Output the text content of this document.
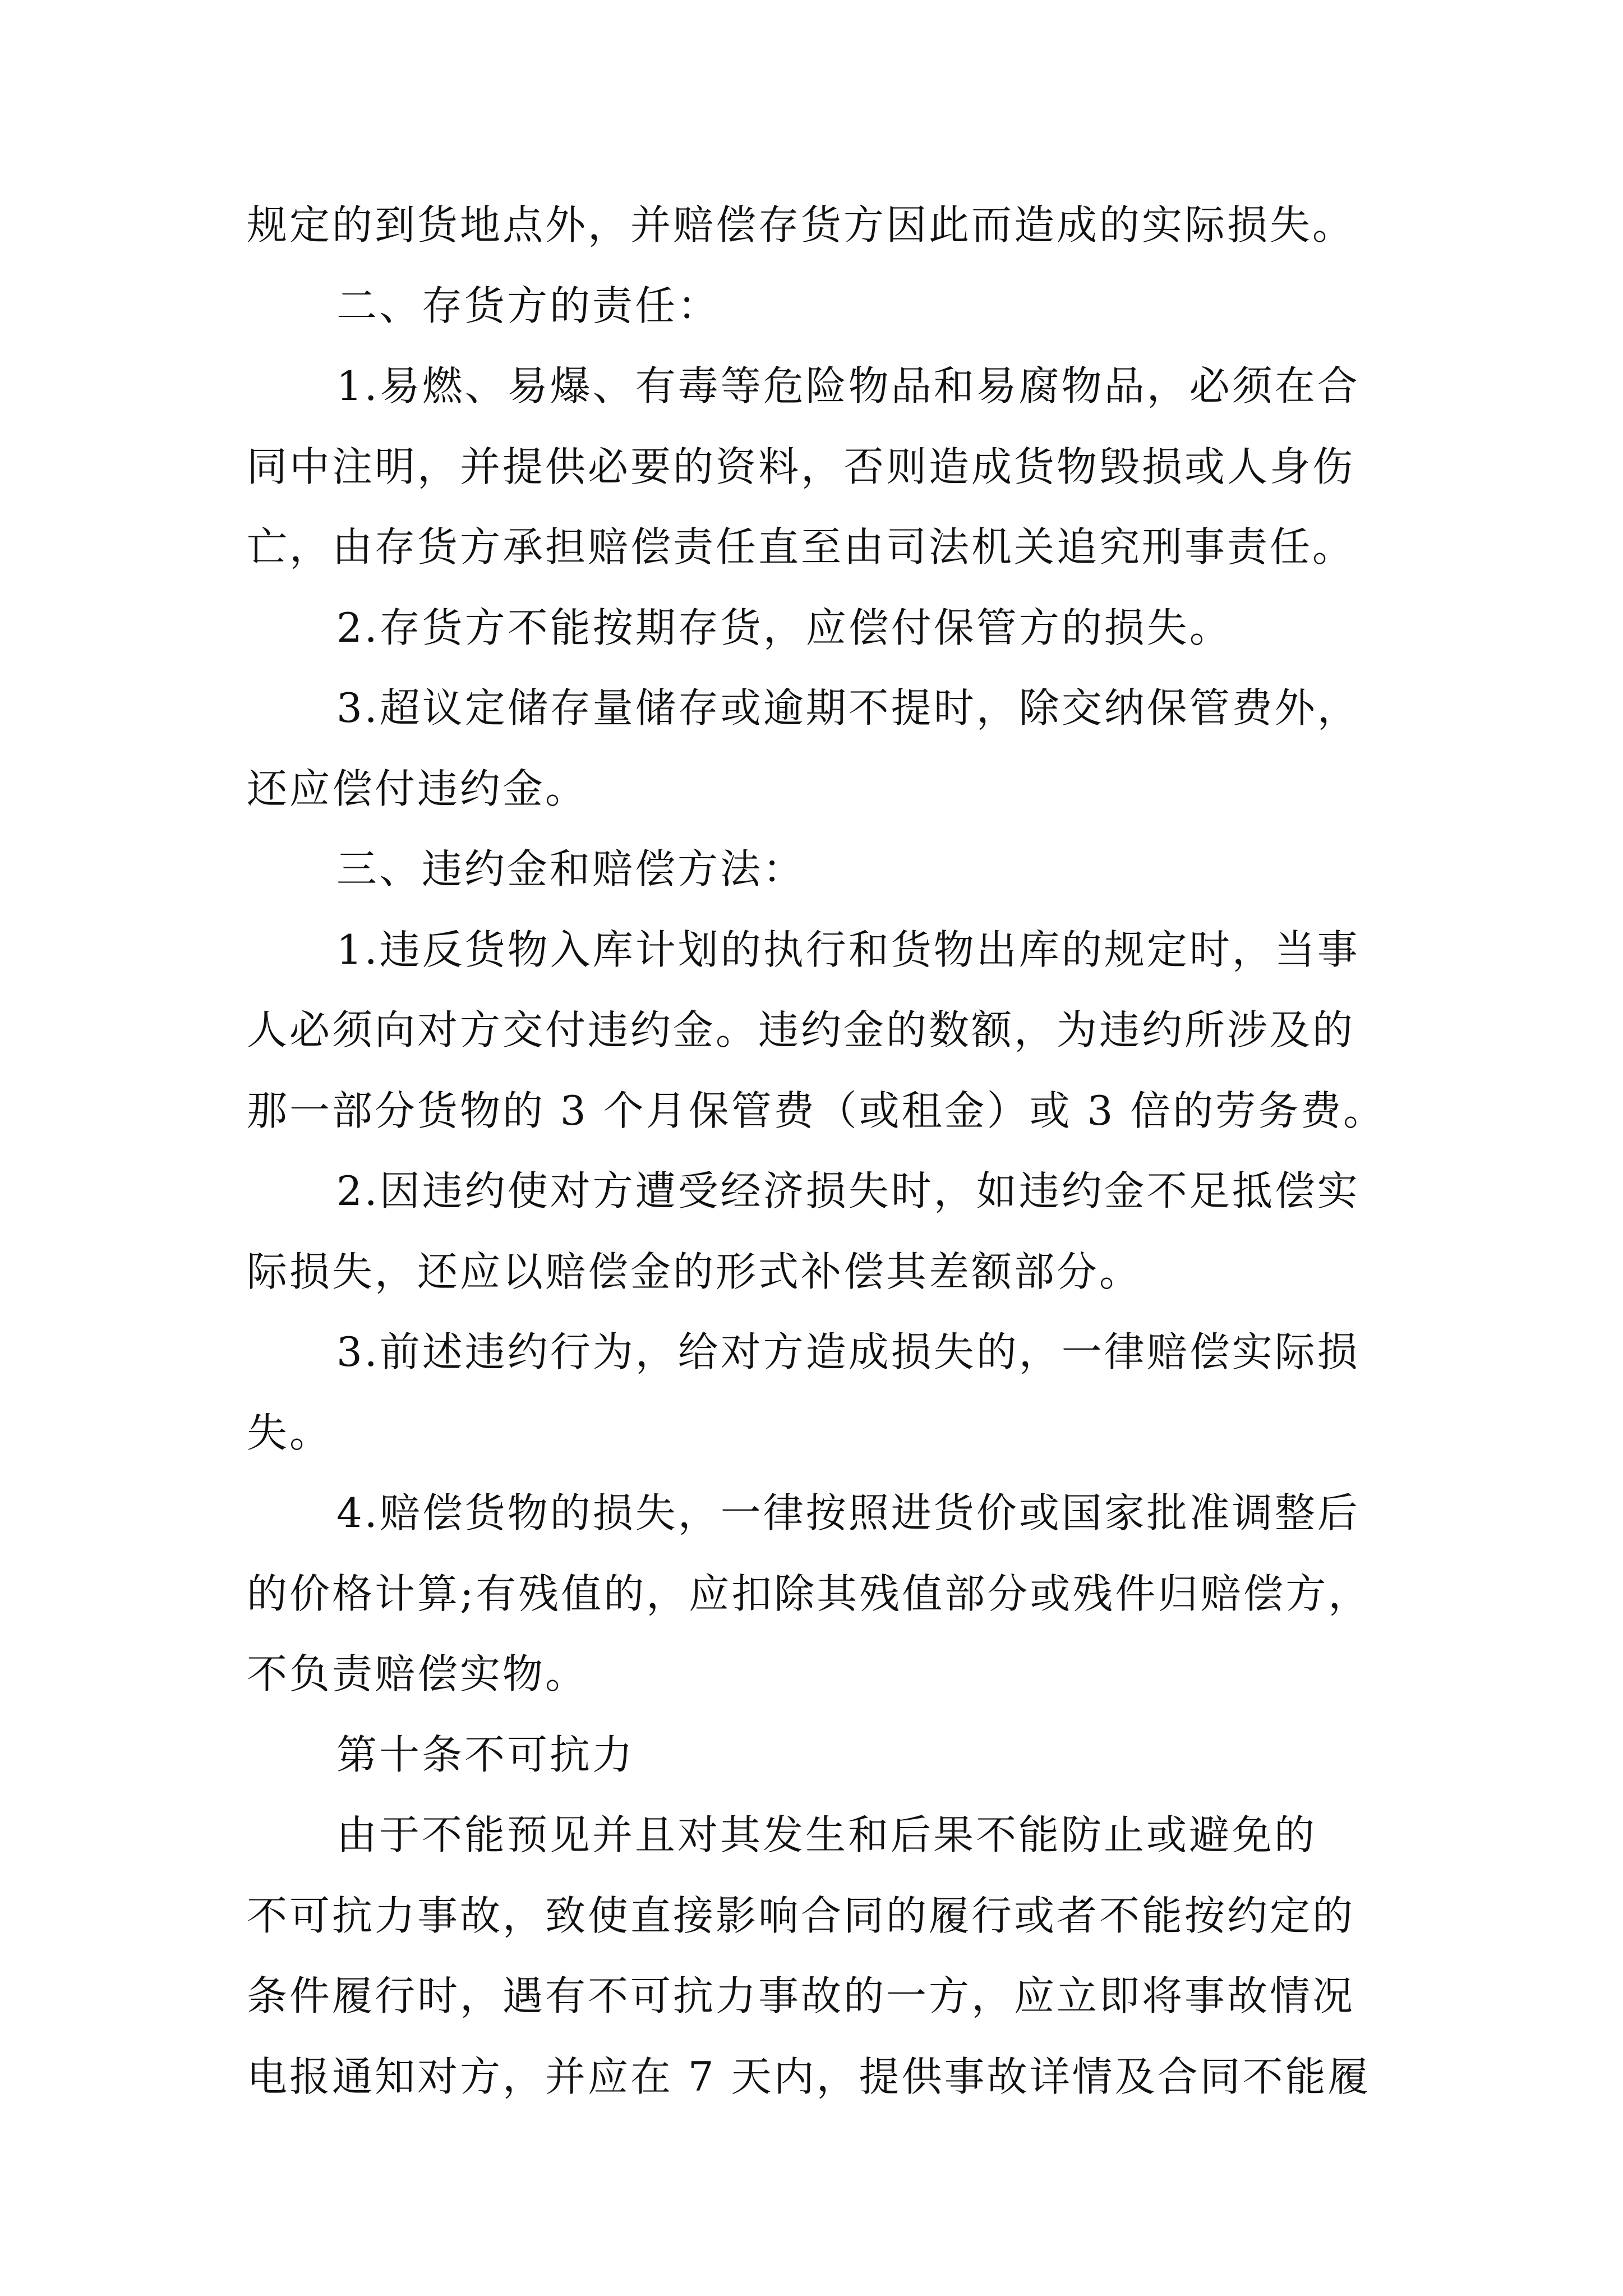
规定的到货地点外，并赔偿存货方因此而造成的实际损失。
二、存货方的责任：
1.易燃、易爆、有毒等危险物品和易腐物品，必须在合
同中注明，并提供必要的资料，否则造成货物毁损或人身伤
亡，由存货方承担赔偿责任直至由司法机关追究刑事责任。
2.存货方不能按期存货，应偿付保管方的损失。
3.超议定储存量储存或逾期不提时，除交纳保管费外，
还应偿付违约金。
三、违约金和赔偿方法：
1.违反货物入库计划的执行和货物出库的规定时，当事
人必须向对方交付违约金。违约金的数额，为违约所涉及的
那一部分货物的 3 个月保管费（或租金）或 3 倍的劳务费。
2.因违约使对方遭受经济损失时，如违约金不足抵偿实
际损失，还应以赔偿金的形式补偿其差额部分。
3.前述违约行为，给对方造成损失的，一律赔偿实际损
失。
4.赔偿货物的损失，一律按照进货价或国家批准调整后
的价格计算;有残值的，应扣除其残值部分或残件归赔偿方，
不负责赔偿实物。
第十条不可抗力
由于不能预见并且对其发生和后果不能防止或避免的
不可抗力事故，致使直接影响合同的履行或者不能按约定的
条件履行时，遇有不可抗力事故的一方，应立即将事故情况
电报通知对方，并应在 7 天内，提供事故详情及合同不能履
